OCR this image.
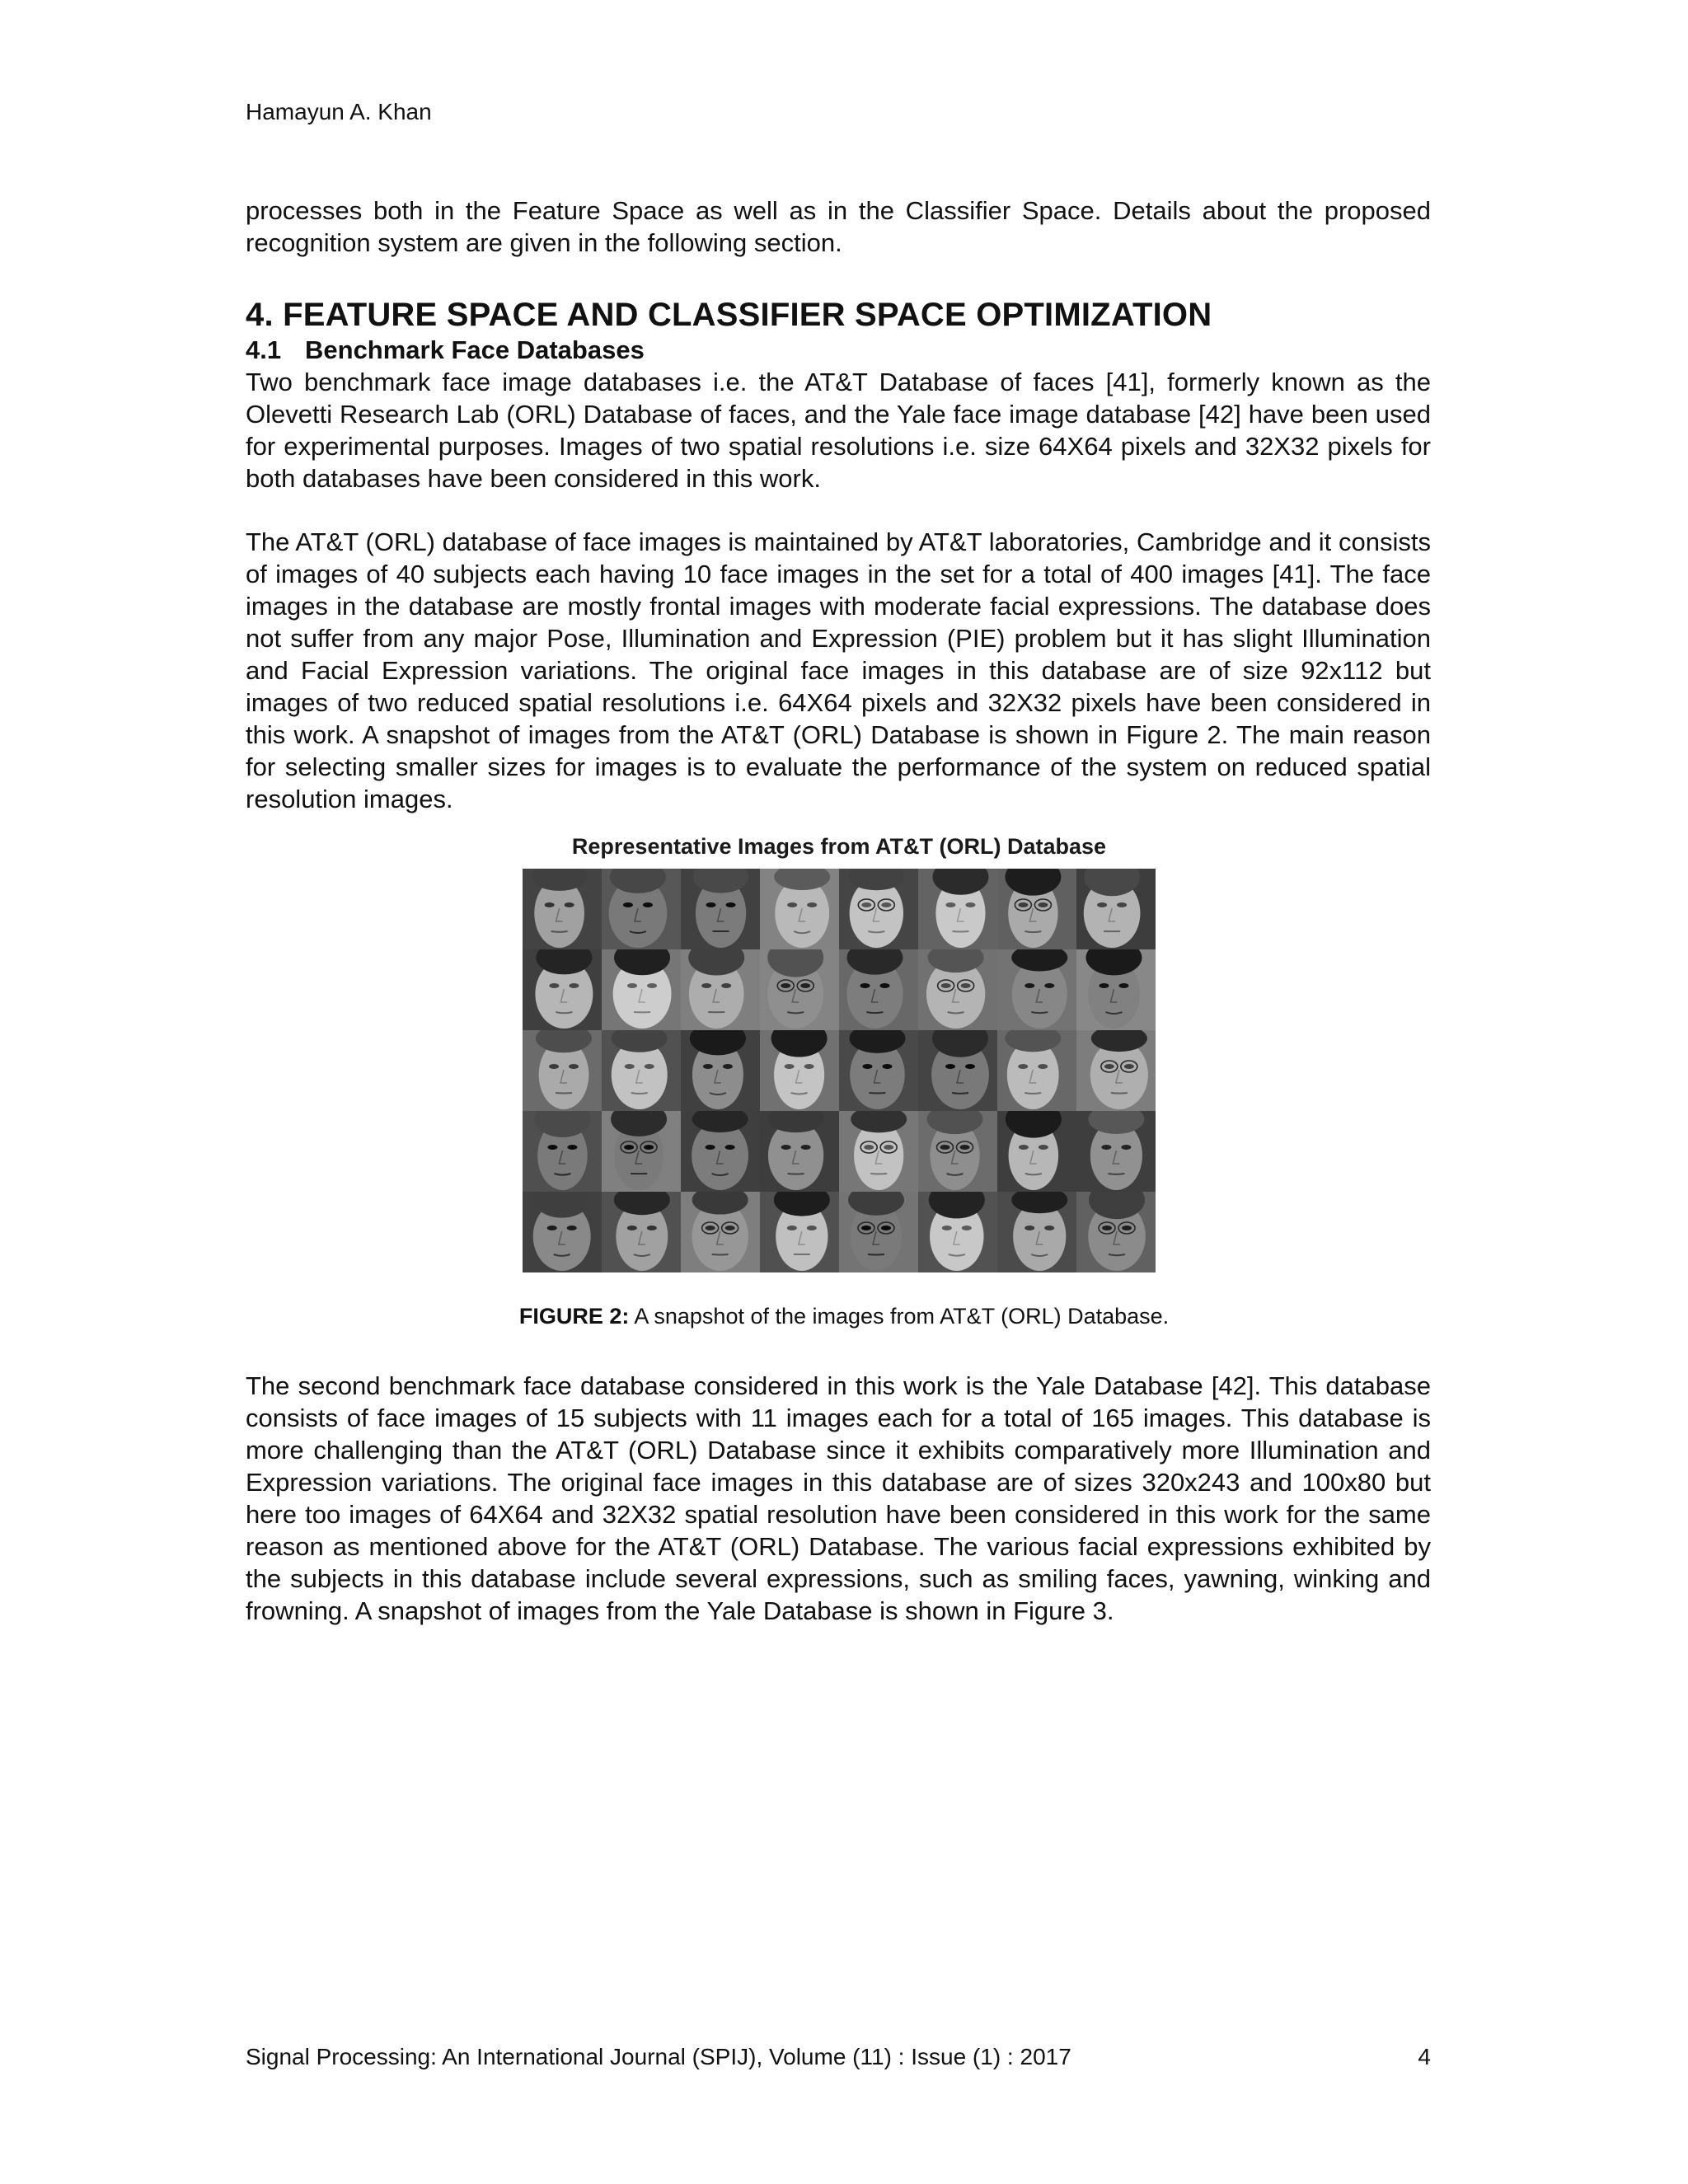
Hamayun A. Khan

processes both in the Feature Space as well as in the Classifier Space. Details about the proposed recognition system are given in the following section.

4. FEATURE SPACE AND CLASSIFIER SPACE OPTIMIZATION
4.1 Benchmark Face Databases

Two benchmark face image databases i.e. the AT&T Database of faces [41], formerly known as the Olevetti Research Lab (ORL) Database of faces, and the Yale face image database [42] have been used for experimental purposes. Images of two spatial resolutions i.e. size 64X64 pixels and 32X32 pixels for both databases have been considered in this work.

The AT&T (ORL) database of face images is maintained by AT&T laboratories, Cambridge and it consists of images of 40 subjects each having 10 face images in the set for a total of 400 images [41]. The face images in the database are mostly frontal images with moderate facial expressions. The database does not suffer from any major Pose, Illumination and Expression (PIE) problem but it has slight Illumination and Facial Expression variations. The original face images in this database are of size 92x112 but images of two reduced spatial resolutions i.e. 64X64 pixels and 32X32 pixels have been considered in this work. A snapshot of images from the AT&T (ORL) Database is shown in Figure 2. The main reason for selecting smaller sizes for images is to evaluate the performance of the system on reduced spatial resolution images.

Representative Images from AT&T (ORL) Database
FIGURE 2: A snapshot of the images from AT&T (ORL) Database.

The second benchmark face database considered in this work is the Yale Database [42]. This database consists of face images of 15 subjects with 11 images each for a total of 165 images. This database is more challenging than the AT&T (ORL) Database since it exhibits comparatively more Illumination and Expression variations. The original face images in this database are of sizes 320x243 and 100x80 but here too images of 64X64 and 32X32 spatial resolution have been considered in this work for the same reason as mentioned above for the AT&T (ORL) Database. The various facial expressions exhibited by the subjects in this database include several expressions, such as smiling faces, yawning, winking and frowning. A snapshot of images from the Yale Database is shown in Figure 3.

Signal Processing: An International Journal (SPIJ), Volume (11) : Issue (1) : 2017	4
